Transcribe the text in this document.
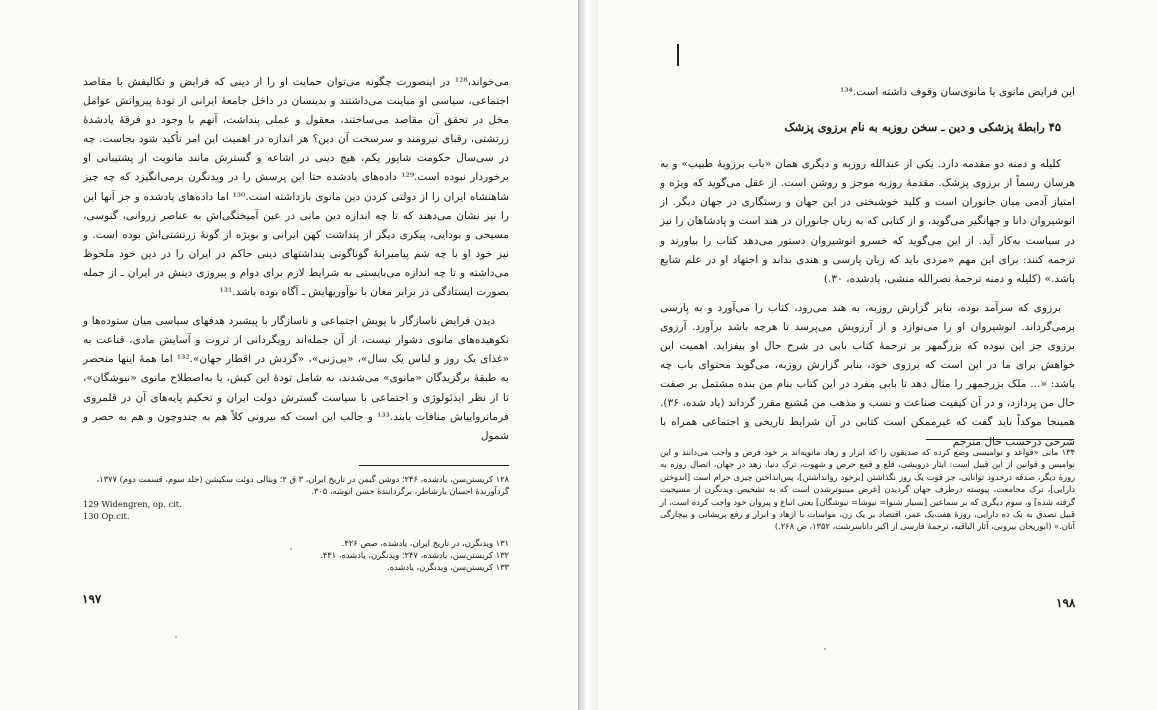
می‌خواند،¹²⁸ در اینصورت چگونه می‌توان حمایت او را از دینی که فرایض و تکالیفش با مقاصد اجتماعی، سیاسی او مباینت می‌داشتند و بدینسان در داخل جامعهٔ ایرانی از تودهٔ پیروانش عوامل مخل در تحقق آن مقاصد می‌ساختند، معقول و عملی پنداشت، آنهم با وجود دو فرقهٔ یادشدهٔ زرتشتی، رقبای نیرومند و سرسخت آن دین؟ هر اندازه در اهمیت این امر تأکید شود بجاست. چه در سی‌سال حکومت شاپور یکم، هیچ دینی در اشاعه و گسترش مانند مانویت از پشتیبانی او برخوردار نبوده است.¹²⁹ داده‌های یادشده حتا این پرسش را در ویدنگرن برمی‌انگیزد که چه چیز شاهنشاه ایران را از دولتی کردن دین مانوی بازداشته است.¹³⁰ اما داده‌های یادشده و جز آنها این را نیز نشان می‌دهند که تا چه اندازه دین مانی در عین آمیختگی‌اش به عناصر زروانی، گنوسی، مسیحی و بودایی، پیکری دیگر از پنداشت کهن ایرانی و بویژه از گونهٔ زرتشتی‌اش بوده است. و نیز خود او با چه شم پیامبرانهٔ گوناگونی پنداشتهای دینی حاکم در ایران را در دین خود ملحوظ می‌داشته و تا چه اندازه می‌بایستی به شرایط لازم برای دوام و پیروزی دینش در ایران ـ از جمله بصورت ایستادگی در برابر مغان با نوآوریهایش ـ آگاه بوده باشد.¹³¹

دیدن فرایض ناسازگار با پویش اجتماعی و ناسازگار با پیشبرد هدفهای سیاسی میان ستوده‌ها و نکوهیده‌های مانوی دشوار نیست، از آن جمله‌اند رویگردانی از ثروت و آسایش مادی، قناعت به «غذای یک روز و لباس یک سال»، «بی‌زنی»، «گردش در اقطار جهان».¹³² اما همهٔ اینها منحصر به طبقهٔ برگزیدگان «مانوی» می‌شدند، نه شامل تودهٔ این کیش، یا به‌اصطلاح مانوی «نیوشگان»، تا از نظر ایدئولوژی و اجتماعی با سیاست گسترش دولت ایران و تحکیم پایه‌های آن در قلمروی فرمانرواییاش منافات یابند.¹³³ و جالب این است که بیرونی کلاً هم به چندوچون و هم به حصر و شمول

۱۲۸ کریستن‌سن، یادشده، ۲۴۶؛ دوشن گیمن در تاریخ ایران، ۳ ق ۲؛ ویتالی دوئت سکیشن (جلد سوم، قسمت دوم) ۱۳۷۷، گردآورندهٔ احسان یارشاطر، برگردانندهٔ حسن انوشه، ۳۰۵.

129 Widengren, op. cit.

130 Op.cit.

۱۳۱ ویدنگرن، در تاریخ ایران، یادشده، صص ۴۲۶.

۱۳۲ کریستن‌سن، یادشده، ۲۴۷؛ ویدنگرن، یادشده، ۴۴۱.

۱۳۳ کریستن‌سن، ویدنگرن، یادشده.

۱۹۷

این فرایض مانوی یا مانوی‌سان وقوف داشته است.¹³⁴

۴۵ رابطهٔ پزشکی و دین ـ سخن روزبه به نام برزوی پزشک

کلیله و دمنه دو مقدمه دارد. یکی از عبدالله روزبه و دیگری همان «باب برزویهٔ طبیب» و به هرسان رسماً از برزوی پزشک. مقدمهٔ روزبه موجز و روشن است. از عقل می‌گوید که ویژه و امتیاز آدمی میان جانوران است و کلید خوشبختی در این جهان و رستگاری در جهان دیگر. از انوشیروان دانا و جهانگیر می‌گوید، و از کتابی که به زبان جانوران در هند است و پادشاهان را نیز در سیاست به‌کار آید. از این می‌گوید که خسرو انوشیروان دستور می‌دهد کتاب را بیاورند و ترجمه کنند: برای این مهم «مردی باید که زبان پارسی و هندی بداند و اجتهاد او در علم شایع باشد.» (کلیله و دمنه ترجمهٔ نصرالله منشی، یادشده، ۳۰.)

برزوی که سرآمد بوده، بنابر گزارش روزبه، به هند می‌رود، کتاب را می‌آورد و به پارسی برمی‌گرداند. انوشیروان او را می‌نوازد و از آرزویش می‌پرسد تا هرچه باشد برآورد. آرزوی برزوی جز این نبوده که بزرگمهر بر ترجمهٔ کتاب بابی در شرح حال او بیفزاید. اهمیت این خواهش برای ما در این است که برزوی خود، بنابر گزارش روزبه، می‌گوید محتوای باب چه باشد: «... ملک بزرجمهر را مثال دهد تا بابی مفرد در این کتاب بنام من بنده مشتمل بر صفت حال من پردازد، و در آن کیفیت صناعت و نسب و مذهب من مُشبع مقرر گرداند (یاد شده، ۳۶). همینجا موکداً باید گفت که غیرممکن است کتابی در آن شرایط تاریخی و اجتماعی همراه با شرحی درحسب حال مترجم

۱۳۴ مانی «قواعد و نوامیسی وضع کرده که صدیقون را که ابرار و زهاد مانویه‌اند بر خود فرض و واجب می‌دانند و این نوامیس و قوانین از این قبیل است: ایثار درویشی، قلع و قمع حرص و شهوت، ترک دنیا، زهد در جهان، اتصال روزه به روزهٔ دیگر، صدقه درحدود توانایی، جز قوت یک روز نگذاشتن [برخود روانداشتن]، پس‌انداختن چیزی حرام است [اندوختن دارایی]، ترک مجامعت، پیوسته درطرف جهان گردیدن [غرض مینیوترشدن است که به تشخیص ویدنگرن از مسیحیت گرفته شده] و، سوم دیگری که بر سماعین [بسیار شنوا= نیوشا= نیوشگان] یعنی اتباع و پیروان خود واجب کرده است، از قبیل تصدق به یک ده دارایی، روزهٔ هفت‌یک عمر، اقتصاد بر یک زن، مواسات با ازهاد و ابرار و رفع پریشانی و بیچارگی آنان.» (ابوریحان بیرونی، آثار الباقیه، ترجمهٔ فارسی از اکبر داناسرشت، ۱۳۵۲، ص ۲۶۸.)

۱۹۸
